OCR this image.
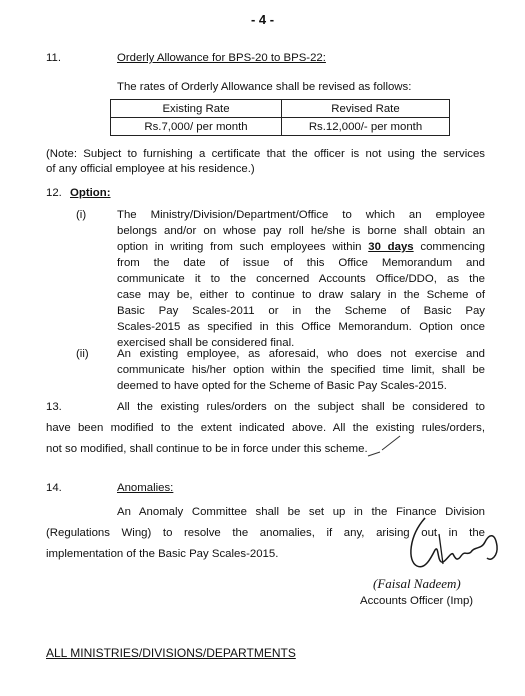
- 4 -
11.	Orderly Allowance for BPS-20 to BPS-22:
The rates of Orderly Allowance shall be revised as follows:
Existing Rate	Revised Rate
Rs.7,000/ per month	Rs.12,000/- per month
(Note: Subject to furnishing a certificate that the officer is not using the services
of any official employee at his residence.)
12. Option:
(i)	The Ministry/Division/Department/Office to which an employee
belongs and/or on whose pay roll he/she is borne shall obtain an
option in writing from such employees within 30 days commencing
from the date of issue of this Office Memorandum and
communicate it to the concerned Accounts Office/DDO, as the
case may be, either to continue to draw salary in the Scheme of
Basic Pay Scales-2011 or in the Scheme of Basic Pay
Scales-2015 as specified in this Office Memorandum. Option once
exercised shall be considered final.
(ii) An existing employee, as aforesaid, who does not exercise and
communicate his/her option within the specified time limit, shall be
deemed to have opted for the Scheme of Basic Pay Scales-2015.
13.	All the existing rules/orders on the subject shall be considered to
have been modified to the extent indicated above. All the existing rules/orders,
not so modified, shall continue to be in force under this scheme.
14.	Anomalies:
An Anomaly Committee shall be set up in the Finance Division
(Regulations Wing) to resolve the anomalies, if any, arising out in the
implementation of the Basic Pay Scales-2015.
(Faisal Nadeem)
Accounts Officer (Imp)
ALL MINISTRIES/DIVISIONS/DEPARTMENTS
